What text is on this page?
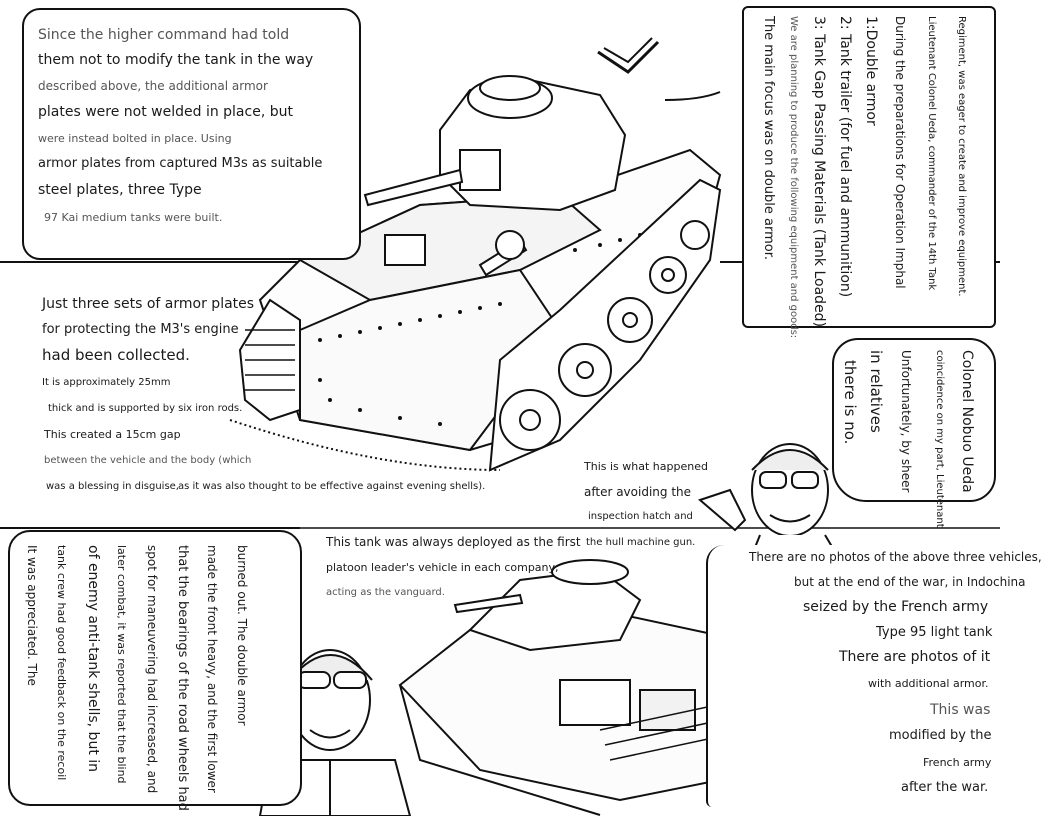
Since the higher command had told
them not to modify the tank in the way
described above, the additional armor
plates were not welded in place, but
were instead bolted in place. Using
armor plates from captured M3s as suitable
steel plates, three Type
97 Kai medium tanks were built.	Regiment, was eager to create and improve equipment.
Lieutenant Colonel Ueda, commander of the 14th Tank
During the preparations for Operation Imphal
1:Double armor
2: Tank trailer (for fuel and ammunition)
3: Tank Gap Passing Materials (Tank Loaded)
We are planning to produce the following equipment and goods:
The main focus was on double armor.
Just three sets of armor plates
for protecting the M3's engine
had been collected.
It is approximately 25mm
thick and is supported by six iron rods.
This created a 15cm gap
between the vehicle and the body (which
was a blessing in disguise, as it was also thought to be effective against evening shells).	Colonel Nobuo Ueda
coincidence on my part, Lieutenant
Unfortunately, by sheer
in relatives
there is no.
This is what happened
after avoiding the
inspection hatch and
the hull machine gun.
This tank was always deployed as the first
platoon leader's vehicle in each company,
acting as the vanguard.
burned out. The double armor
made the front heavy, and the first lower
that the bearings of the road wheels had
spot for maneuvering had increased, and
later combat, it was reported that the blind
of enemy anti-tank shells, but in
tank crew had good feedback on the recoil
It was appreciated. The	There are no photos of the above three vehicles,
but at the end of the war, in Indochina
seized by the French army
Type 95 light tank
There are photos of it
with additional armor.
This was
modified by the
French army
after the war.
